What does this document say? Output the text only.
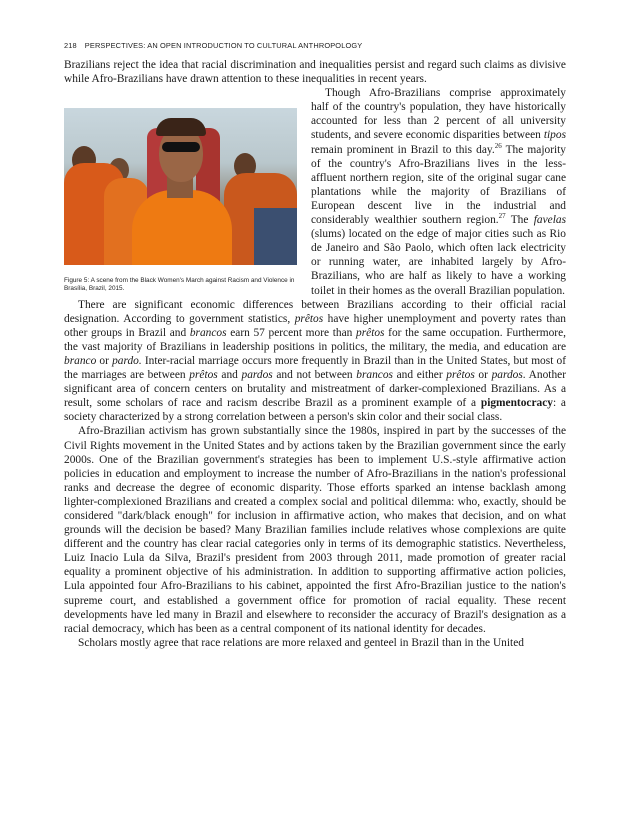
218 PERSPECTIVES: AN OPEN INTRODUCTION TO CULTURAL ANTHROPOLOGY

Brazilians reject the idea that racial discrimination and inequalities persist and regard such claims as divisive while Afro-Brazilians have drawn attention to these inequalities in recent years.

Figure 5: A scene from the Black Women's March against Racism and Violence in Brasília, Brazil, 2015.

Though Afro-Brazilians comprise approximately half of the country's population, they have historically accounted for less than 2 percent of all university students, and severe economic disparities between tipos remain prominent in Brazil to this day.$^{26}$ The majority of the country's Afro-Brazilians lives in the less-affluent northern region, site of the original sugar cane plantations while the majority of Brazilians of European descent live in the industrial and considerably wealthier southern region.$^{27}$ The favelas (slums) located on the edge of major cities such as Rio de Janeiro and São Paolo, which often lack electricity or running water, are inhabited largely by Afro-Brazilians, who are half as likely to have a working toilet in their homes as the overall Brazilian population.

There are significant economic differences between Brazilians according to their official racial designation. According to government statistics, prêtos have higher unemployment and poverty rates than other groups in Brazil and brancos earn 57 percent more than prêtos for the same occupation. Furthermore, the vast majority of Brazilians in leadership positions in politics, the military, the media, and education are branco or pardo. Inter-racial marriage occurs more frequently in Brazil than in the United States, but most of the marriages are between prêtos and pardos and not between brancos and either prêtos or pardos. Another significant area of concern centers on brutality and mistreatment of darker-complexioned Brazilians. As a result, some scholars of race and racism describe Brazil as a prominent example of a pigmentocracy: a society characterized by a strong correlation between a person's skin color and their social class.

Afro-Brazilian activism has grown substantially since the 1980s, inspired in part by the successes of the Civil Rights movement in the United States and by actions taken by the Brazilian government since the early 2000s. One of the Brazilian government's strategies has been to implement U.S.-style affirmative action policies in education and employment to increase the number of Afro-Brazilians in the nation's professional ranks and decrease the degree of economic disparity. Those efforts sparked an intense backlash among lighter-complexioned Brazilians and created a complex social and political dilemma: who, exactly, should be considered "dark/black enough" for inclusion in affirmative action, who makes that decision, and on what grounds will the decision be based? Many Brazilian families include relatives whose complexions are quite different and the country has clear racial categories only in terms of its demographic statistics. Nevertheless, Luiz Inacio Lula da Silva, Brazil's president from 2003 through 2011, made promotion of greater racial equality a prominent objective of his administration. In addition to supporting affirmative action policies, Lula appointed four Afro-Brazilians to his cabinet, appointed the first Afro-Brazilian justice to the nation's supreme court, and established a government office for promotion of racial equality. These recent developments have led many in Brazil and elsewhere to reconsider the accuracy of Brazil's designation as a racial democracy, which has been as a central component of its national identity for decades.

Scholars mostly agree that race relations are more relaxed and genteel in Brazil than in the United
